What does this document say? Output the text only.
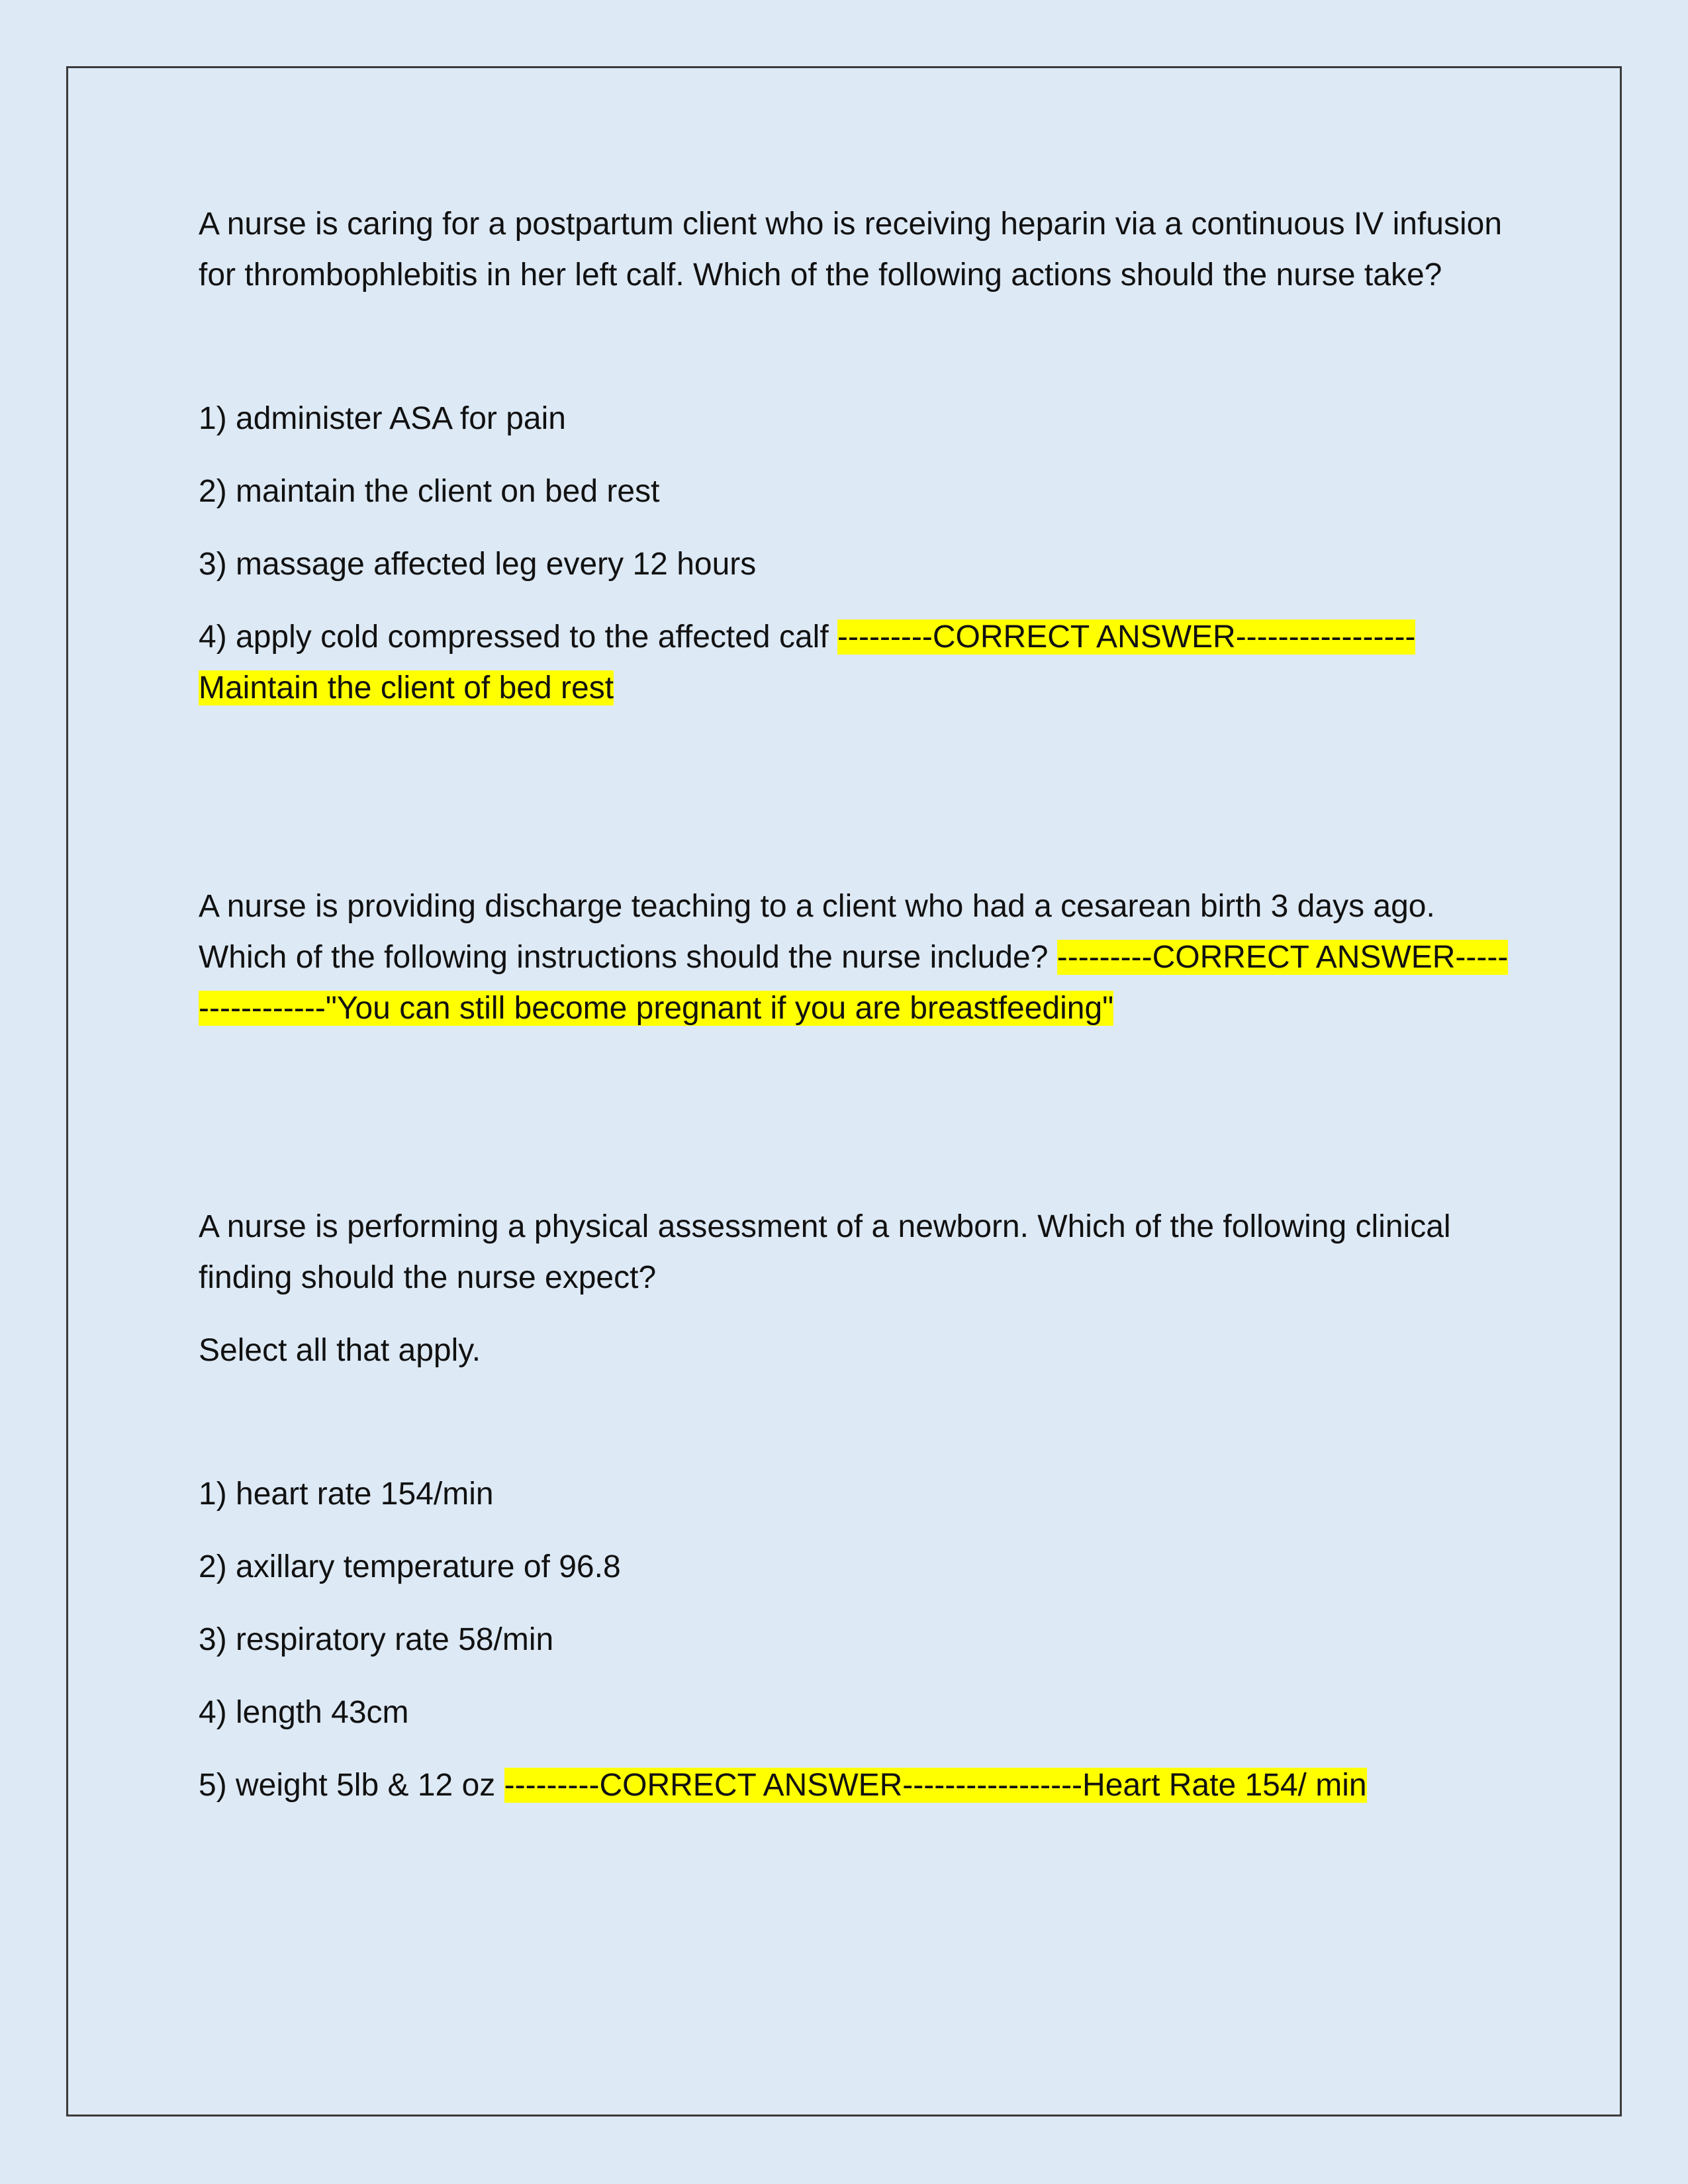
A nurse is caring for a postpartum client who is receiving heparin via a continuous IV infusion for thrombophlebitis in her left calf. Which of the following actions should the nurse take?

1) administer ASA for pain

2) maintain the client on bed rest

3) massage affected leg every 12 hours

4) apply cold compressed to the affected calf ---------CORRECT ANSWER-----------------Maintain the client of bed rest

A nurse is providing discharge teaching to a client who had a cesarean birth 3 days ago. Which of the following instructions should the nurse include? ---------CORRECT ANSWER-----------------"You can still become pregnant if you are breastfeeding"

A nurse is performing a physical assessment of a newborn. Which of the following clinical finding should the nurse expect?

Select all that apply.

1) heart rate 154/min

2) axillary temperature of 96.8

3) respiratory rate 58/min

4) length 43cm

5) weight 5lb & 12 oz ---------CORRECT ANSWER-----------------Heart Rate 154/ min
